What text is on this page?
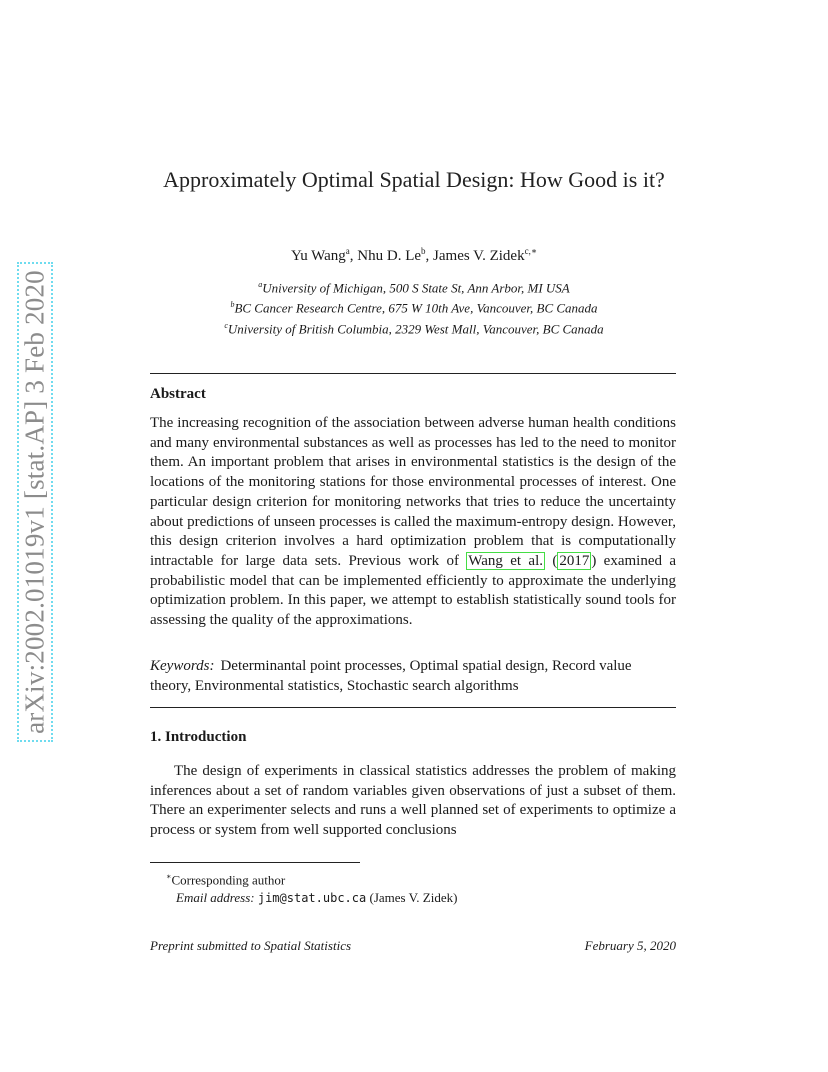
arXiv:2002.01019v1 [stat.AP] 3 Feb 2020
Approximately Optimal Spatial Design: How Good is it?
Yu Wang$^a$, Nhu D. Le$^b$, James V. Zidek$^{c,∗}$
$^a$University of Michigan, 500 S State St, Ann Arbor, MI USA
$^b$BC Cancer Research Centre, 675 W 10th Ave, Vancouver, BC Canada
$^c$University of British Columbia, 2329 West Mall, Vancouver, BC Canada
Abstract
The increasing recognition of the association between adverse human health conditions and many environmental substances as well as processes has led to the need to monitor them. An important problem that arises in environmental statistics is the design of the locations of the monitoring stations for those environmental processes of interest. One particular design criterion for monitoring networks that tries to reduce the uncertainty about predictions of unseen processes is called the maximum-entropy design. However, this design criterion involves a hard optimization problem that is computationally intractable for large data sets. Previous work of Wang et al. ( 2017 ) examined a probabilistic model that can be implemented efficiently to approximate the underlying optimization problem. In this paper, we attempt to establish statistically sound tools for assessing the quality of the approximations.
Keywords: Determinantal point processes, Optimal spatial design, Record value theory, Environmental statistics, Stochastic search algorithms
1. Introduction
The design of experiments in classical statistics addresses the problem of making inferences about a set of random variables given observations of just a subset of them. There an experimenter selects and runs a well planned set of experiments to optimize a process or system from well supported conclusions
∗Corresponding author
Email address: jim@stat.ubc.ca (James V. Zidek)
Preprint submitted to Spatial Statistics	February 5, 2020
